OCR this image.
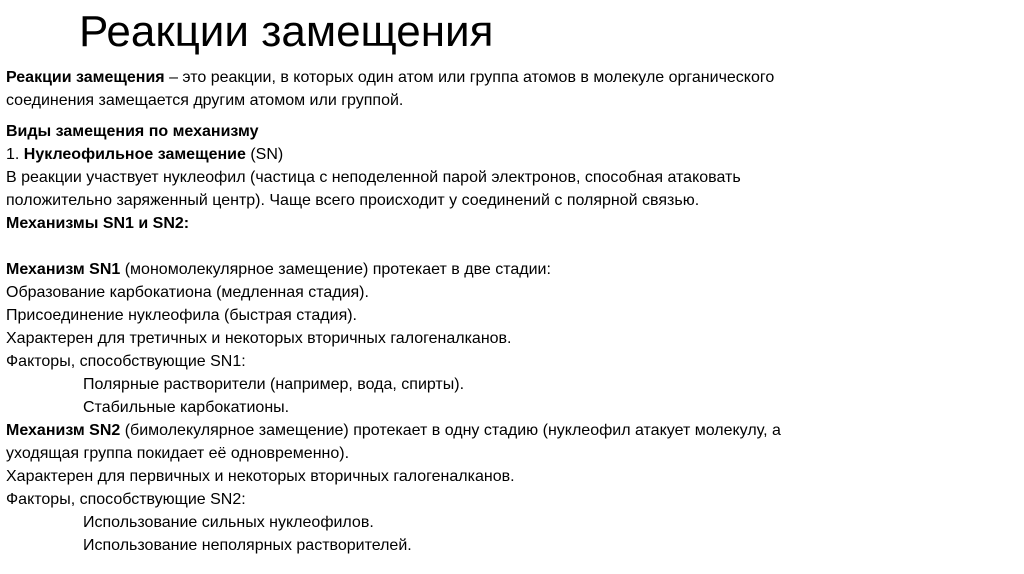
Реакции замещения
Реакции замещения – это реакции, в которых один атом или группа атомов в молекуле органического
соединения замещается другим атомом или группой.
Виды замещения по механизму
1. Нуклеофильное замещение (SN)
В реакции участвует нуклеофил (частица с неподеленной парой электронов, способная атаковать
положительно заряженный центр). Чаще всего происходит у соединений с полярной связью.
Механизмы SN1 и SN2:
Механизм SN1 (мономолекулярное замещение) протекает в две стадии:
Образование карбокатиона (медленная стадия).
Присоединение нуклеофила (быстрая стадия).
Характерен для третичных и некоторых вторичных галогеналканов.
Факторы, способствующие SN1:
Полярные растворители (например, вода, спирты).
Стабильные карбокатионы.
Механизм SN2 (бимолекулярное замещение) протекает в одну стадию (нуклеофил атакует молекулу, а
уходящая группа покидает её одновременно).
Характерен для первичных и некоторых вторичных галогеналканов.
Факторы, способствующие SN2:
Использование сильных нуклеофилов.
Использование неполярных растворителей.
